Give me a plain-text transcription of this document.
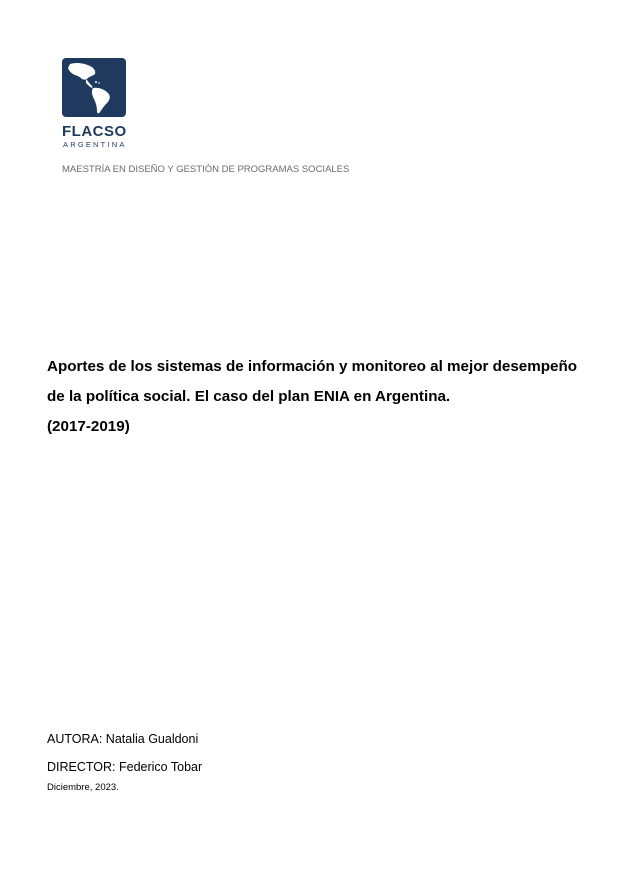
FLACSO
ARGENTINA
MAESTRÍA EN DISEÑO Y GESTIÓN DE PROGRAMAS SOCIALES
Aportes de los sistemas de información y monitoreo al mejor desempeño
de la política social. El caso del plan ENIA en Argentina.
(2017-2019)
AUTORA: Natalia Gualdoni
DIRECTOR: Federico Tobar
Diciembre, 2023.
